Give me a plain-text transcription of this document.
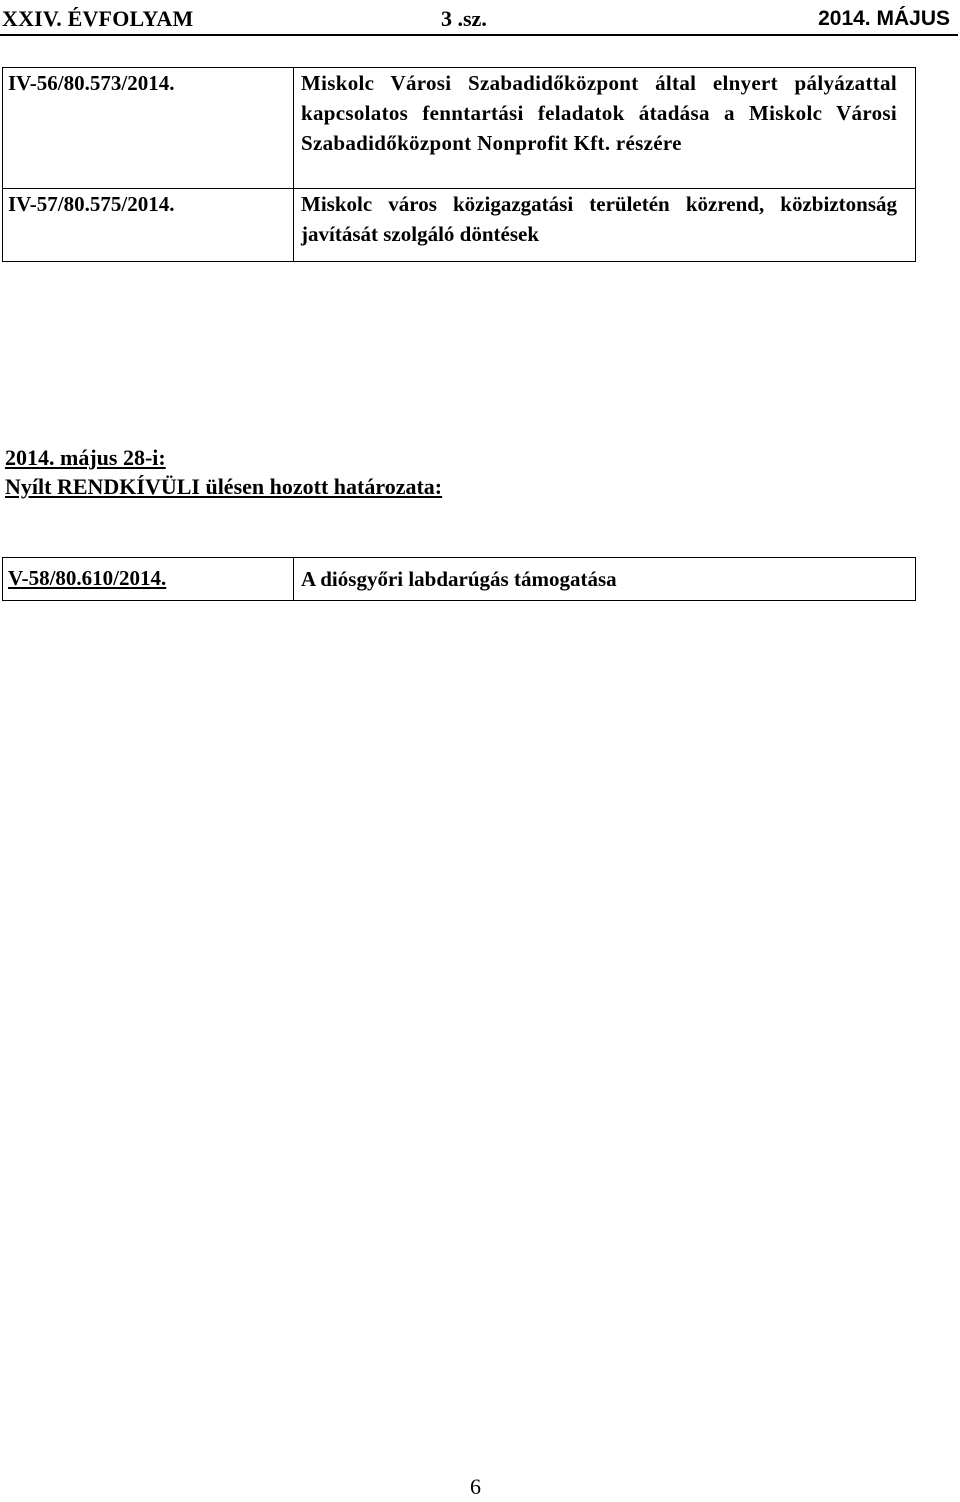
XXIV. ÉVFOLYAM	3 .sz.	2014. MÁJUS
IV-56/80.573/2014.	Miskolc Városi Szabadidőközpont által elnyert pályázattal kapcsolatos fenntartási feladatok átadása a Miskolc Városi Szabadidőközpont Nonprofit Kft. részére

IV-57/80.575/2014.	Miskolc város közigazgatási területén közrend, közbiztonság javítását szolgáló döntések
2014. május 28-i:
Nyílt RENDKÍVÜLI ülésen hozott határozata:
V-58/80.610/2014.	A diósgyőri labdarúgás támogatása
6
